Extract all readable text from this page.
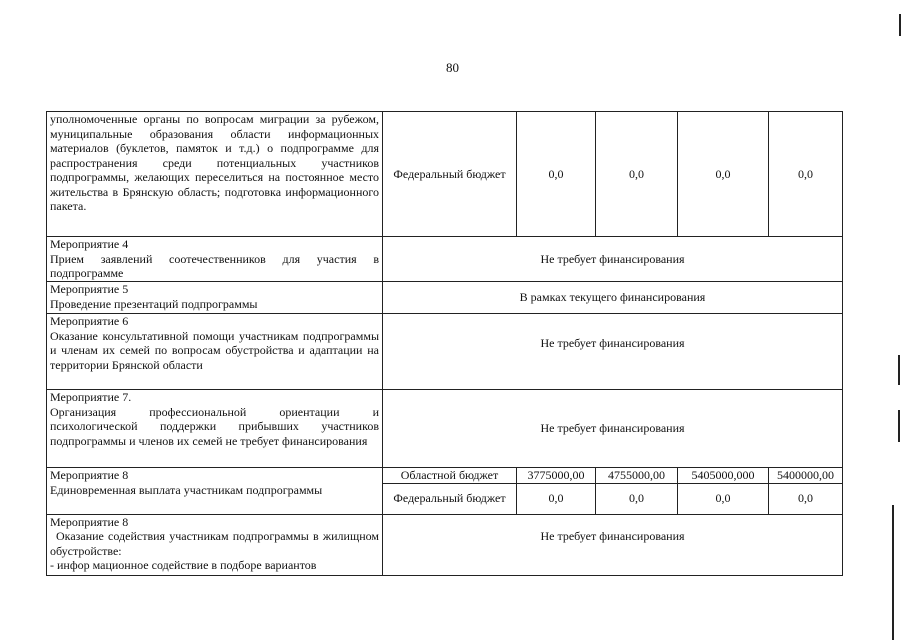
80
уполномоченные органы по вопросам миграции за рубежом, муниципальные образования области информационных материалов (буклетов, памяток и т.д.) о подпрограмме для распространения среди потенциальных участников подпрограммы, желающих переселиться на постоянное место жительства в Брянскую область; подготовка информационного пакета.	Федеральный бюджет	0,0	0,0	0,0	0,0

Мероприятие 4
Прием заявлений соотечественников для участия в подпрограмме	Не требует финансирования				

Мероприятие 5
Проведение презентаций подпрограммы	В рамках текущего финансирования				

Мероприятие 6
Оказание консультативной помощи участникам подпрограммы и членам их семей по вопросам обустройства и адаптации на территории Брянской области	Не требует финансирования				

Мероприятие 7.
Организация профессиональной ориентации и психологической поддержки прибывших участников подпрограммы и членов их семей не требует финансирования	Не требует финансирования				

Мероприятие 8
Единовременная выплата участникам подпрограммы	Областной бюджет	3775000,00	4755000,00	5405000,000	5400000,00
	Федеральный бюджет	0,0	0,0	0,0	0,0

Мероприятие 8
Оказание содействия участникам подпрограммы в жилищном обустройстве:
- инфор мационное содействие в подборе вариантов	Не требует финансирования				
